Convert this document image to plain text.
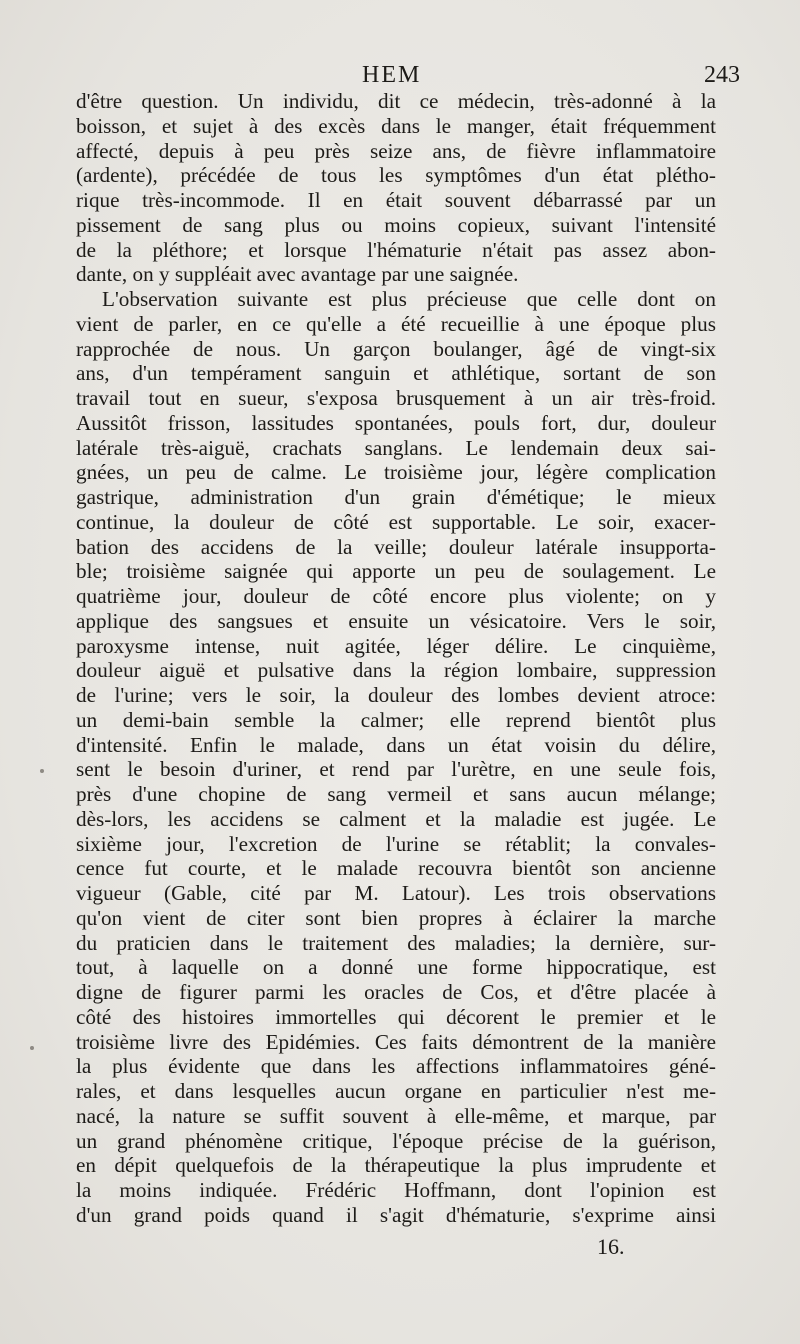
HEM	243
d'être question. Un individu, dit ce médecin, très-adonné à la
boisson, et sujet à des excès dans le manger, était fréquemment
affecté, depuis à peu près seize ans, de fièvre inflammatoire
(ardente), précédée de tous les symptômes d'un état plétho-
rique très-incommode. Il en était souvent débarrassé par un
pissement de sang plus ou moins copieux, suivant l'intensité
de la pléthore; et lorsque l'hématurie n'était pas assez abon-
dante, on y suppléait avec avantage par une saignée.
L'observation suivante est plus précieuse que celle dont on
vient de parler, en ce qu'elle a été recueillie à une époque plus
rapprochée de nous. Un garçon boulanger, âgé de vingt-six
ans, d'un tempérament sanguin et athlétique, sortant de son
travail tout en sueur, s'exposa brusquement à un air très-froid.
Aussitôt frisson, lassitudes spontanées, pouls fort, dur, douleur
latérale très-aiguë, crachats sanglans. Le lendemain deux sai-
gnées, un peu de calme. Le troisième jour, légère complication
gastrique, administration d'un grain d'émétique; le mieux
continue, la douleur de côté est supportable. Le soir, exacer-
bation des accidens de la veille; douleur latérale insupporta-
ble; troisième saignée qui apporte un peu de soulagement. Le
quatrième jour, douleur de côté encore plus violente; on y
applique des sangsues et ensuite un vésicatoire. Vers le soir,
paroxysme intense, nuit agitée, léger délire. Le cinquième,
douleur aiguë et pulsative dans la région lombaire, suppression
de l'urine; vers le soir, la douleur des lombes devient atroce:
un demi-bain semble la calmer; elle reprend bientôt plus
d'intensité. Enfin le malade, dans un état voisin du délire,
sent le besoin d'uriner, et rend par l'urètre, en une seule fois,
près d'une chopine de sang vermeil et sans aucun mélange;
dès-lors, les accidens se calment et la maladie est jugée. Le
sixième jour, l'excretion de l'urine se rétablit; la convales-
cence fut courte, et le malade recouvra bientôt son ancienne
vigueur (Gable, cité par M. Latour). Les trois observations
qu'on vient de citer sont bien propres à éclairer la marche
du praticien dans le traitement des maladies; la dernière, sur-
tout, à laquelle on a donné une forme hippocratique, est
digne de figurer parmi les oracles de Cos, et d'être placée à
côté des histoires immortelles qui décorent le premier et le
troisième livre des Epidémies. Ces faits démontrent de la manière
la plus évidente que dans les affections inflammatoires géné-
rales, et dans lesquelles aucun organe en particulier n'est me-
nacé, la nature se suffit souvent à elle-même, et marque, par
un grand phénomène critique, l'époque précise de la guérison,
en dépit quelquefois de la thérapeutique la plus imprudente et
la moins indiquée. Frédéric Hoffmann, dont l'opinion est
d'un grand poids quand il s'agit d'hématurie, s'exprime ainsi
16.
